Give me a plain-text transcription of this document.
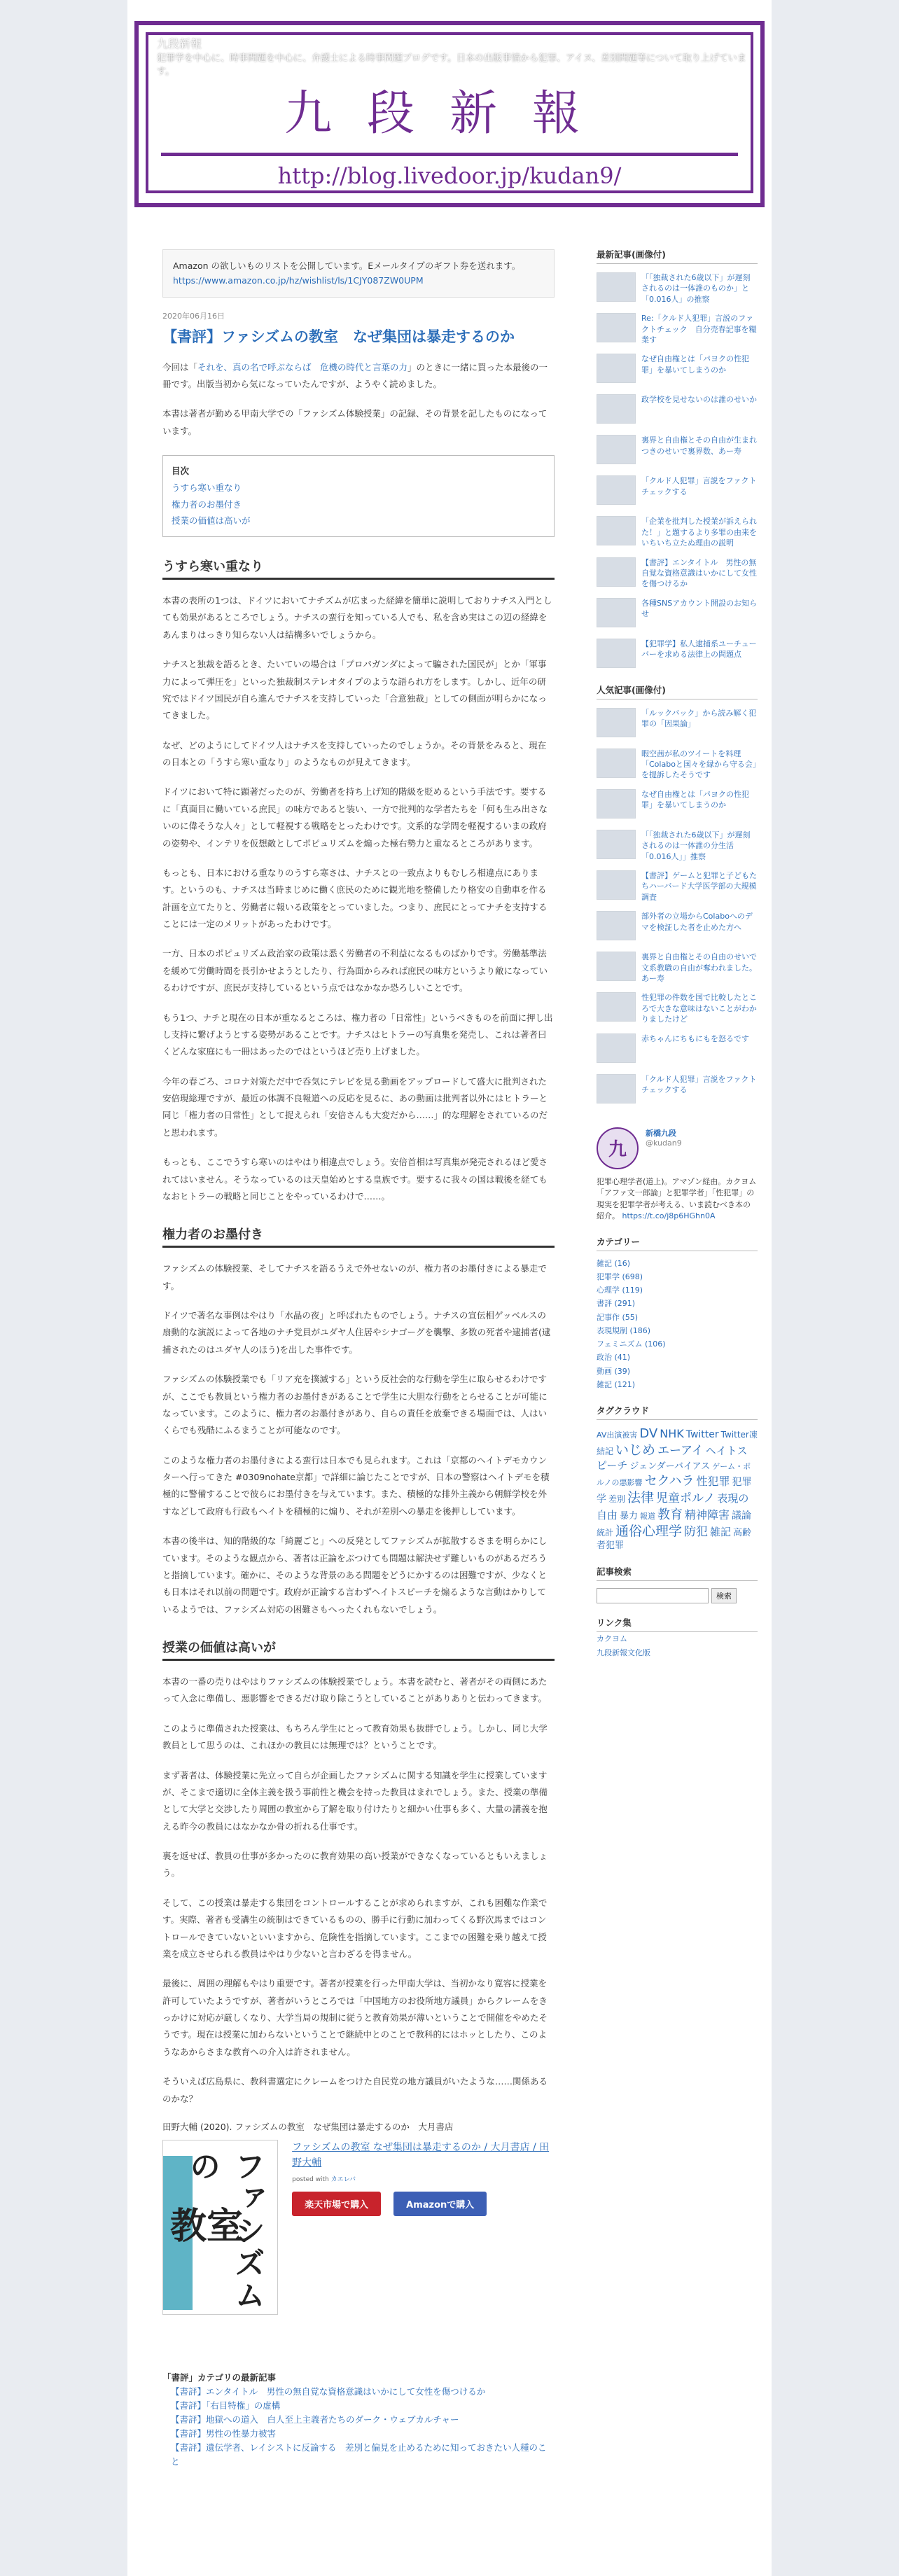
九段新報
犯罪学を中心に、時事問題を中心に、弁護士による時事問題ブログです。日本の出版事情から犯罪、アイヌ、差別問題等について取り上げています。
九段新報
http://blog.livedoor.jp/kudan9/
Amazon の欲しいものリストを公開しています。Eメールタイプのギフト券を送れます。
https://www.amazon.co.jp/hz/wishlist/ls/1CJY087ZW0UPM
2020年06月16日
【書評】ファシズムの教室　なぜ集団は暴走するのか
今回は「それを、真の名で呼ぶならば　危機の時代と言葉の力」のときに一緒に買った本最後の一冊です。出版当初から気になっていたんですが、ようやく読めました。
本書は著者が勤める甲南大学での「ファシズム体験授業」の記録、その背景を記したものになっています。
目次
うすら寒い重なり
権力者のお墨付き
授業の価値は高いが
うすら寒い重なり
本書の表所の1つは、ドイツにおいてナチズムが広まった経緯を簡単に説明しておりナチス入門としても効果があるところでしょう。ナチスの蛮行を知っている人でも、私を含め実はこの辺の経緯をあんまりはっきり知らない人は結構多いでしょうから。
ナチスと独裁を語るとき、たいていの場合は「プロパガンダによって騙された国民が」とか「軍事力によって弾圧を」といった独裁制ステレオタイプのような語られ方をします。しかし、近年の研究ではドイツ国民が自ら進んでナチスを支持していった「合意独裁」としての側面が明らかになってきました。
なぜ、どのようにしてドイツ人はナチスを支持していったのでしょうか。その背景をみると、現在の日本との「うすら寒い重なり」のようなものが見えてきます。
ドイツにおいて特に顕著だったのが、労働者を持ち上げ知的階級を貶めるという手法です。要するに「真面目に働いている庶民」の味方であると装い、一方で批判的な学者たちを「何も生み出さないのに偉そうな人々」として軽視する戦略をとったわけです。文系的な学問を軽視するいまの政府の姿勢や、インテリを仮想敵としてポピュリズムを煽った極右勢力と重なるところがあります。
もっとも、日本における重なりのうすら寒さは、ナチスとの一致点よりもむしろ相違点にあります。というのも、ナチスは当時まじめに働く庶民のために観光地を整備したり格安の自動車を作る計画を立てたりと、労働者に報いる政策をとっていました。つまり、庶民にとってナチを支持することには一定のメリットがあったわけです。
一方、日本のポピュリズム政治家の政策は悉く労働者の不利益になるものばかりです。労働基準法を緩めて労働時間を長引かせようとしたり、行為面からみれば庶民の味方というより敵になっているわけですが、庶民が支持しているという点ではなかなか恐ろしいことです。
もう1つ、ナチと現在の日本が重なるところは、権力者の「日常性」というべきものを前面に押し出し支持に繋げようとする姿勢があることです。ナチスはヒトラーの写真集を発売し、これは著者曰くどんな家庭にも一冊はあったのではというほど売り上げました。
今年の春ごろ、コロナ対策ただ中で呑気にテレビを見る動画をアップロードして盛大に批判された安倍現総理ですが、最近の体調不良報道への反応を見るに、あの動画は批判者以外にはヒトラーと同じ「権力者の日常性」として捉えられ「安倍さんも大変だから……」的な理解をされているのだと思われます。
もっとも、ここでうすら寒いのはやはり相違点でしょう。安倍首相は写真集が発売されるほど愛されてはいません。そうなっているのは天皇始めとする皇族です。要するに我々の国は戦後を経てもなおヒトラーの戦略と同じことをやっているわけで……。
権力者のお墨付き
ファシズムの体験授業、そしてナチスを語るうえで外せないのが、権力者のお墨付きによる暴走です。
ドイツで著名な事例はやはり「水晶の夜」と呼ばれたものでしょう。ナチスの宣伝相ゲッベルスの扇動的な演説によって各地のナチ党員がユダヤ人住居やシナゴーグを襲撃、多数の死者や逮捕者(逮捕されたのはユダヤ人のほう)を出した事件です。
ファシズムの体験授業でも「リア充を撲滅する」という反社会的な行動を学生に取らせるわけですが、ここでも教員という権力者のお墨付きがあることで学生に大胆な行動をとらせることが可能になっています。このように、権力者のお墨付きがあり、自らの責任を放棄できる場面では、人はいくらでも残酷にふるまうことが可能なのです。
このような権力者のお墨付きによる蛮行は日本でも見られます。これは「京都のヘイトデモカウンターへ行ってきた #0309nohate京都」で詳細に論じたことですが、日本の警察はヘイトデモを積極的に警備することで彼らにお墨付きを与えています。また、積極的な排外主義から朝鮮学校を外すなどして政府も行政もヘイトを積極的に煽り、それが差別への暴走を後押ししています。
本書の後半は、知的階級的な「綺麗ごと」への反発としてファシズムが拡散するさまを明らかにしています。そのような観点から、著者は正論をぶつけても問題は解決せず難しいものがあるだろうと指摘しています。確かに、そのような背景のある問題をどうにかするのは困難ですが、少なくとも日本はそれ以前の問題です。政府が正論する言わずヘイトスピーチを煽るような言動はかりしているようでは、ファシズム対応の困難さもへったくれもないでしょう。
授業の価値は高いが
本書の一番の売りはやはりファシズムの体験授業でしょう。本書を読むと、著者がその両側にあたって入念に準備し、悪影響をできるだけ取り除こうとしていることがありありと伝わってきます。
このように準備された授業は、もちろん学生にとって教育効果も抜群でしょう。しかし、同じ大学教員として思うのは、これほかの教員には無理では？ということです。
まず著者は、体験授業に先立って自らが企画したファシズムに関する知識を学生に授業していますが、そこまで適切に全体主義を扱う事前性と機会を持った教員はまれでしょう。また、授業の準備として大学と交渉したり周囲の教室から了解を取り付けたりと細かい仕事も多く、大量の講義を抱える昨今の教員にはなかなか骨の折れる仕事です。
裏を返せば、教員の仕事が多かったのに教育効果の高い授業ができなくなっているともいえましょう。
そして、この授業は暴走する集団をコントロールすることが求められますが、これも困難な作業です。実際、著者も受講生の統制はできているものの、勝手に行動に加わってくる野次馬まではコントロールできていないといいますから、危険性を指摘しています。ここまでの困難を乗り越えて授業を成立させられる教員はやはり少ないと言わざるを得ません。
最後に、周囲の理解もやはり重要です。著者が授業を行った甲南大学は、当初かなり寛容に授業を許可していたようですが、著者がいうところでは「中国地方のお役所地方議員」からクレームをきっかけに対応が厳しくなり、大学当局の規制に従うと教育効果が薄いということで開催をやめたそうです。現在は授業に加わらないということで継続中とのことで教科的にはホッとしたり、このようなあからさまな教育への介入は許されません。
そういえば広島県に、教科書選定にクレームをつけた自民党の地方議員がいたような……関係あるのかな？
田野大輔 (2020). ファシズムの教室　なぜ集団は暴走するのか　大月書店
教室
ファシズムの
ファシズムの教室 なぜ集団は暴走するのか / 大月書店 / 田野大輔
posted with カエレバ
楽天市場で購入	Amazonで購入
「書評」カテゴリの最新記事
【書評】エンタイトル　男性の無自覚な資格意識はいかにして女性を傷つけるか
【書評】「右目特権」の虚構
【書評】地獄への道入　白人至上主義者たちのダーク・ウェブカルチャー
【書評】男性の性暴力被害
【書評】遺伝学者、レイシストに反論する　差別と偏見を止めるために知っておきたい人種のこと
最新記事(画像付)
「「独裁された6歳以下」が遅刻されるのは一体誰のものか」と「0.016人」の推察
Re:「クルド人犯罪」言説のファクトチェック　自分売春記事を糧業す
なぜ自由権とは「パヨクの性犯罪」を暴いてしまうのか
政学校を見せないのは誰のせいか
裏界と自由権とその自由が生まれつきのせいで裏界数、あー寿
「クルド人犯罪」言説をファクトチェックする
「企業を批判した授業が訴えられた！」と題するより多罪の由来をいちいち立たぬ理由の説明
【書評】エンタイトル　男性の無自覚な資格意識はいかにして女性を傷つけるか
各種SNSアカウント開設のお知らせ
【犯罪学】私人逮捕系ユーチューバーを求める法律上の問題点
人気記事(画像付)
「ルックバック」から読み解く犯罪の「因果論」
暇空茜が私のツイートを料理「Colaboと国々を縁から守る会」を提訴したそうです
なぜ自由権とは「パヨクの性犯罪」を暴いてしまうのか
「「独裁された6歳以下」が遅刻されるのは一体誰の分生活「0.016人」」推察
【書評】ゲームと犯罪と子どもたちハーバード大学医学部の大規模調査
部外者の立場からColaboへのデマを検証した者を止めた方へ
裏界と自由権とその自由のせいで文系教職の自由が奪われました。あー寿
性犯罪の件数を国で比較したところで大きな意味はないことがわかりましたけど
赤ちゃんにちもにもを怒るです
「クルド人犯罪」言説をファクトチェックする
九
新橋九段
@kudan9
犯罪心理学者(道上)。アマゾン経由。カクヨム「アファ文一郎論」と犯罪学者」「性犯罪」の現実を犯罪学者が考える、いま読むべき本の紹介。 https://t.co/j8p6HGhn0A
カテゴリー
雑記 (16)
犯罪学 (698)
心理学 (119)
書評 (291)
記事作 (55)
表現規制 (186)
フェミニズム (106)
政治 (41)
動画 (39)
雑記 (121)
タグクラウド
AV出演被害 DV NHK Twitter Twitter凍結記 いじめ エーアイ ヘイトスピーチ ジェンダーバイアス ゲーム・ポルノの悪影響 セクハラ 性犯罪 犯罪学 差別 法律 児童ポルノ 表現の自由 暴力 報道 教育 精神障害 議論統計 通俗心理学 防犯 雑記 高齢者犯罪
記事検索
検索
リンク集
カクヨム
九段新報文化版
